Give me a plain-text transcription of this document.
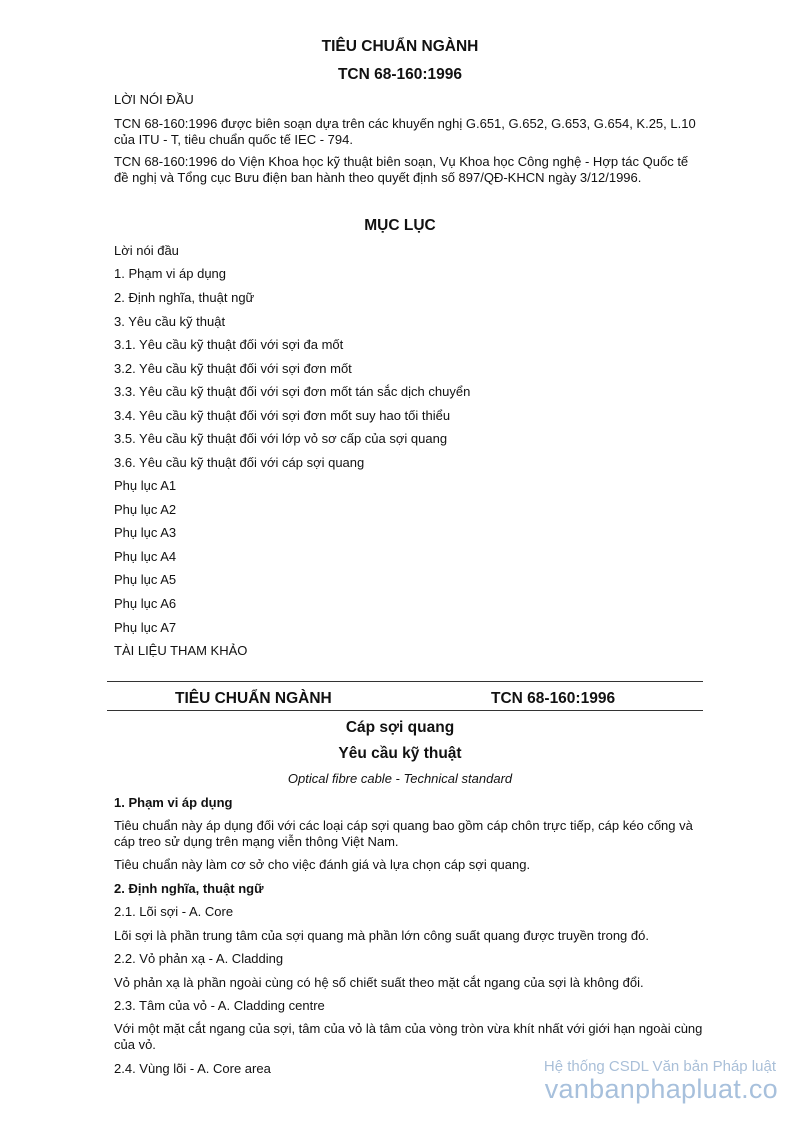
TIÊU CHUẨN NGÀNH
TCN 68-160:1996
LỜI NÓI ĐẦU
TCN 68-160:1996 được biên soạn dựa trên các khuyến nghị G.651, G.652, G.653, G.654, K.25, L.10
của ITU - T, tiêu chuẩn quốc tế IEC - 794.
TCN 68-160:1996 do Viện Khoa học kỹ thuật biên soạn, Vụ Khoa học Công nghệ - Hợp tác Quốc tế
đề nghị và Tổng cục Bưu điện ban hành theo quyết định số 897/QĐ-KHCN ngày 3/12/1996.
MỤC LỤC
Lời nói đầu
1. Phạm vi áp dụng
2. Định nghĩa, thuật ngữ
3. Yêu cầu kỹ thuật
3.1. Yêu cầu kỹ thuật đối với sợi đa mốt
3.2. Yêu cầu kỹ thuật đối với sợi đơn mốt
3.3. Yêu cầu kỹ thuật đối với sợi đơn mốt tán sắc dịch chuyển
3.4. Yêu cầu kỹ thuật đối với sợi đơn mốt suy hao tối thiểu
3.5. Yêu cầu kỹ thuật đối với lớp vỏ sơ cấp của sợi quang
3.6. Yêu cầu kỹ thuật đối với cáp sợi quang
Phụ lục A1
Phụ lục A2
Phụ lục A3
Phụ lục A4
Phụ lục A5
Phụ lục A6
Phụ lục A7
TÀI LIỆU THAM KHẢO
TIÊU CHUẨN NGÀNH	TCN 68-160:1996
Cáp sợi quang
Yêu cầu kỹ thuật
Optical fibre cable - Technical standard
1. Phạm vi áp dụng
Tiêu chuẩn này áp dụng đối với các loại cáp sợi quang bao gồm cáp chôn trực tiếp, cáp kéo cống và
cáp treo sử dụng trên mạng viễn thông Việt Nam.
Tiêu chuẩn này làm cơ sở cho việc đánh giá và lựa chọn cáp sợi quang.
2. Định nghĩa, thuật ngữ
2.1. Lõi sợi - A. Core
Lõi sợi là phần trung tâm của sợi quang mà phần lớn công suất quang được truyền trong đó.
2.2. Vỏ phản xạ - A. Cladding
Vỏ phản xạ là phần ngoài cùng có hệ số chiết suất theo mặt cắt ngang của sợi là không đổi.
2.3. Tâm của vỏ - A. Cladding centre
Với một mặt cắt ngang của sợi, tâm của vỏ là tâm của vòng tròn vừa khít nhất với giới hạn ngoài cùng
của vỏ.
2.4. Vùng lõi - A. Core area	Hệ thống CSDL Văn bản Pháp luật
vanbanphapluat.co
